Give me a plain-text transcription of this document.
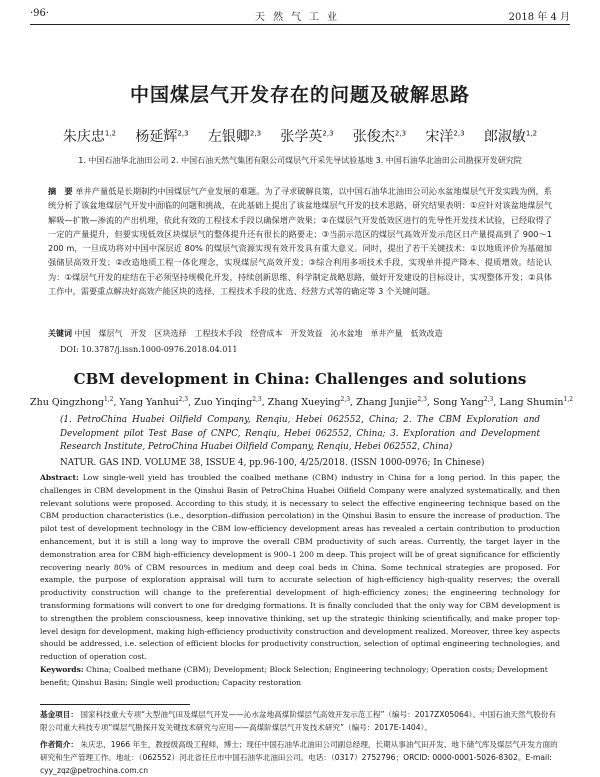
·96·	天然气工业	2018 年 4 月
中国煤层气开发存在的问题及破解思路
朱庆忠$^{1,2}$ 杨延辉$^{2,3}$ 左银卿$^{2,3}$ 张学英$^{2,3}$ 张俊杰$^{2,3}$ 宋洋$^{2,3}$ 郎淑敏$^{1,2}$
1. 中国石油华北油田公司 2. 中国石油天然气集团有限公司煤层气开采先导试验基地 3. 中国石油华北油田公司勘探开发研究院
摘　要 单井产量低是长期制约中国煤层气产业发展的难题。为了寻求破解良策，以中国石油华北油田公司沁水盆地煤层气开发实践为例，系统分析了该盆地煤层气开发中面临的问题和挑战，在此基础上提出了该盆地煤层气开发的技术思路，研究结果表明：①应针对该盆地煤层气解吸—扩散—渗流的产出机理，依此有效的工程技术手段以确保增产效果；②在煤层气开发低效区进行的先导性开发技术试验，已经取得了一定的产量提升，但要实现低效区块煤层气的整体提升还有很长的路要走；③当前示范区的煤层气高效开发示范区日产量提高到了 900～1 200 m，一旦成功将对中国中深层近 80% 的煤层气资源实现有效开发具有重大意义。同时，提出了若干关键技术：①以地质评价为基础加强储层高效开发；②改造地质工程一体化理念，实现煤层气高效开发；③综合利用多项技术手段，实现单井提产降本、提质增效。结论认为：①煤层气开发的症结在于必须坚持规模化开发，持续创新思维、科学制定战略思路，做好开发建设的目标设计，实现整体开发；②具体工作中，需要重点解决好高效产能区块的选择、工程技术手段的优选、经营方式等的确定等 3 个关键问题。
关键词 中国　煤层气　开发　区块选择　工程技术手段　经营成本　开发效益　沁水盆地　单井产量　低效改造
DOI: 10.3787/j.issn.1000-0976.2018.04.011
CBM development in China: Challenges and solutions
Zhu Qingzhong$^{1,2}$, Yang Yanhui$^{2,3}$, Zuo Yinqing$^{2,3}$, Zhang Xueying$^{2,3}$, Zhang Junjie$^{2,3}$, Song Yang$^{2,3}$, Lang Shumin$^{1,2}$
(1. PetroChina Huabei Oilfield Company, Renqiu, Hebei 062552, China; 2. The CBM Exploration and Development pilot Test Base of CNPC, Renqiu, Hebei 062552, China; 3. Exploration and Development Research Institute, PetroChina Huabei Oilfield Company, Renqiu, Hebei 062552, China)
NATUR. GAS IND. VOLUME 38, ISSUE 4, pp.96-100, 4/25/2018. (ISSN 1000-0976; In Chinese)
Abstract: Low single-well yield has troubled the coalbed methane (CBM) industry in China for a long period. In this paper, the challenges in CBM development in the Qinshui Basin of PetroChina Huabei Oilfield Company were analyzed systematically, and then relevant solutions were proposed. According to this study, it is necessary to select the effective engineering technique based on the CBM production characteristics (i.e., desorption–diffusion percolation) in the Qinshui Basin to ensure the increase of production. The pilot test of development technology in the CBM low-efficiency development areas has revealed a certain contribution to production enhancement, but it is still a long way to improve the overall CBM productivity of such areas. Currently, the target layer in the demonstration area for CBM high-efficiency development is 900–1 200 m deep. This project will be of great significance for efficiently recovering nearly 80% of CBM resources in medium and deep coal beds in China. Some technical strategies are proposed. For example, the purpose of exploration appraisal will turn to accurate selection of high-efficiency high-quality reserves; the overall productivity construction will change to the preferential development of high-efficiency zones; the engineering technology for transforming formations will convert to one for dredging formations. It is finally concluded that the only way for CBM development is to strengthen the problem consciousness, keep innovative thinking, set up the strategic thinking scientifically, and make proper top-level design for development, making high-efficiency productivity construction and development realized. Moreover, three key aspects should be addressed, i.e. selection of efficient blocks for productivity construction, selection of optimal engineering technologies, and reduction of operation cost.
Keywords: China; Coalbed methane (CBM); Development; Block Selection; Engineering technology; Operation costs; Development benefit; Qinshui Basin; Single well production; Capacity restoration
基金项目： 国家科技重大专项“大型油气田及煤层气开发——沁水盆地高煤阶煤层气高效开发示范工程”（编号：2017ZX05064）、中国石油天然气股份有限公司重大科技专项“煤层气勘探开发关键技术研究与应用——高煤阶煤层气开发技术研究”（编号：2017E-1404）。
作者简介： 朱庆忠，1966 年生，教授级高级工程师，博士；现任中国石油华北油田公司副总经理，长期从事油气田开发、地下储气库及煤层气开发方面的研究和生产管理工作。地址：（062552）河北省任丘市中国石油华北油田公司。电话：（0317）2752796；ORCID: 0000-0001-5026-8302。E-mail: cyy_zqz@petrochina.com.cn
